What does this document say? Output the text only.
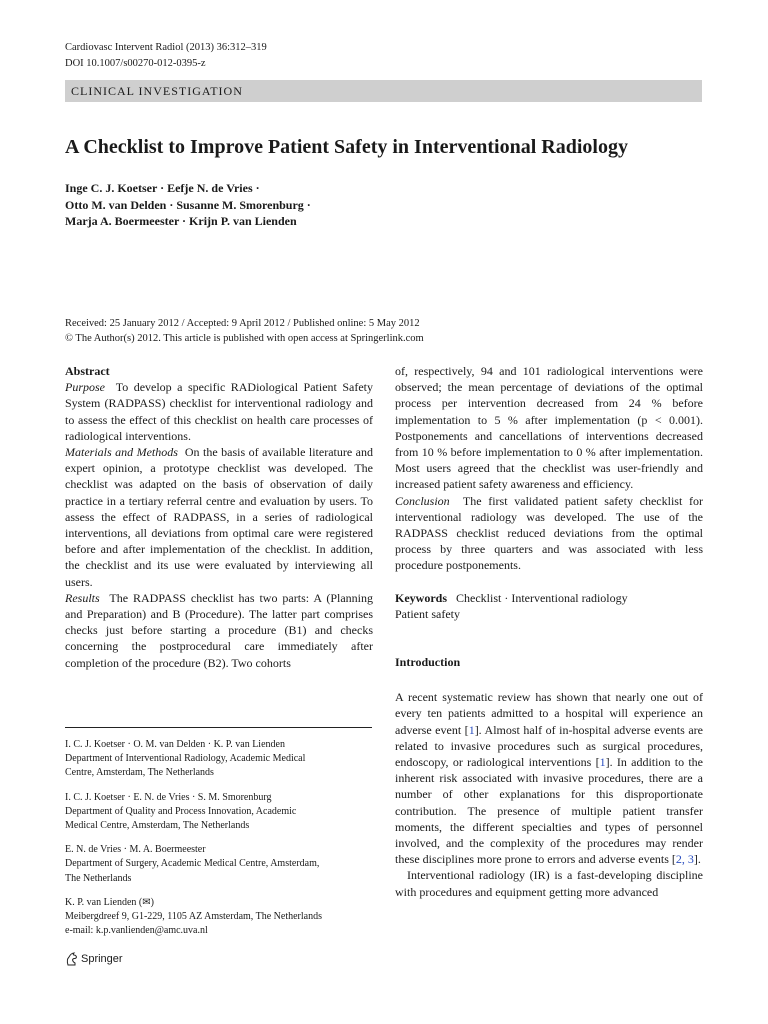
Cardiovasc Intervent Radiol (2013) 36:312–319
DOI 10.1007/s00270-012-0395-z
CLINICAL INVESTIGATION
A Checklist to Improve Patient Safety in Interventional Radiology
Inge C. J. Koetser · Eefje N. de Vries ·
Otto M. van Delden · Susanne M. Smorenburg ·
Marja A. Boermeester · Krijn P. van Lienden
Received: 25 January 2012 / Accepted: 9 April 2012 / Published online: 5 May 2012
© The Author(s) 2012. This article is published with open access at Springerlink.com
Abstract
Purpose To develop a specific RADiological Patient Safety System (RADPASS) checklist for interventional radiology and to assess the effect of this checklist on health care processes of radiological interventions.
Materials and Methods On the basis of available literature and expert opinion, a prototype checklist was developed. The checklist was adapted on the basis of observation of daily practice in a tertiary referral centre and evaluation by users. To assess the effect of RADPASS, in a series of radiological interventions, all deviations from optimal care were registered before and after implementation of the checklist. In addition, the checklist and its use were evaluated by interviewing all users.
Results The RADPASS checklist has two parts: A (Planning and Preparation) and B (Procedure). The latter part comprises checks just before starting a procedure (B1) and checks concerning the postprocedural care immediately after completion of the procedure (B2). Two cohorts
of, respectively, 94 and 101 radiological interventions were observed; the mean percentage of deviations of the optimal process per intervention decreased from 24 % before implementation to 5 % after implementation (p < 0.001). Postponements and cancellations of interventions decreased from 10 % before implementation to 0 % after implementation. Most users agreed that the checklist was user-friendly and increased patient safety awareness and efficiency.
Conclusion The first validated patient safety checklist for interventional radiology was developed. The use of the RADPASS checklist reduced deviations from the optimal process by three quarters and was associated with less procedure postponements.
Keywords Checklist · Interventional radiology
Patient safety
Introduction
A recent systematic review has shown that nearly one out of every ten patients admitted to a hospital will experience an adverse event [1]. Almost half of in-hospital adverse events are related to invasive procedures such as surgical procedures, endoscopy, or radiological interventions [1]. In addition to the inherent risk associated with invasive procedures, there are a number of other explanations for this disproportionate contribution. The presence of multiple patient transfer moments, the different specialties and types of personnel involved, and the complexity of the procedures may render these disciplines more prone to errors and adverse events [2, 3].
Interventional radiology (IR) is a fast-developing discipline with procedures and equipment getting more advanced
I. C. J. Koetser · O. M. van Delden · K. P. van Lienden
Department of Interventional Radiology, Academic Medical
Centre, Amsterdam, The Netherlands
I. C. J. Koetser · E. N. de Vries · S. M. Smorenburg
Department of Quality and Process Innovation, Academic
Medical Centre, Amsterdam, The Netherlands
E. N. de Vries · M. A. Boermeester
Department of Surgery, Academic Medical Centre, Amsterdam,
The Netherlands
K. P. van Lienden (✉)
Meibergdreef 9, G1-229, 1105 AZ Amsterdam, The Netherlands
e-mail: k.p.vanlienden@amc.uva.nl
Springer
